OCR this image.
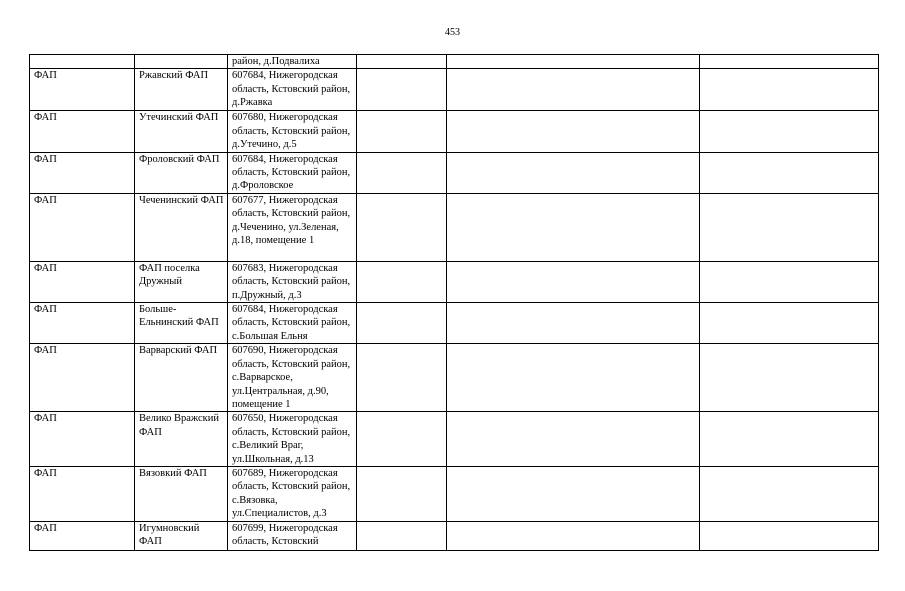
453
		район, д.Подвалиха			
ФАП	Ржавский ФАП	607684, Нижегородская область, Кстовский район, д.Ржавка			
ФАП	Утечинский ФАП	607680, Нижегородская область, Кстовский район, д.Утечино, д.5			
ФАП	Фроловский ФАП	607684, Нижегородская область, Кстовский район, д.Фроловское			
ФАП	Чеченинский ФАП	607677, Нижегородская область, Кстовский район, д.Чеченино, ул.Зеленая, д.18, помещение 1			
ФАП	ФАП поселка Дружный	607683, Нижегородская область, Кстовский район, п.Дружный, д.3			
ФАП	Больше-Ельнинский ФАП	607684, Нижегородская область, Кстовский район, с.Большая Ельня			
ФАП	Варварский ФАП	607690, Нижегородская область, Кстовский район, с.Варварское, ул.Центральная, д.90, помещение 1			
ФАП	Велико Вражский ФАП	607650, Нижегородская область, Кстовский район, с.Великий Враг, ул.Школьная, д.13			
ФАП	Вязовкий ФАП	607689, Нижегородская область, Кстовский район, с.Вязовка, ул.Специалистов, д.3			
ФАП	Игумновский ФАП	607699, Нижегородская область, Кстовский			
